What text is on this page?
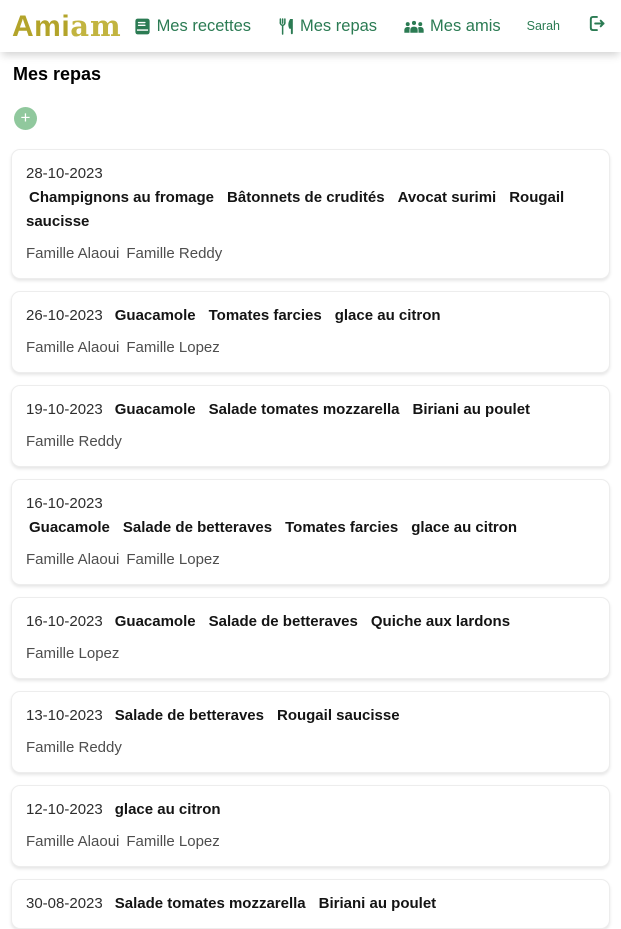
Ami am Mes recettes	Mes repas	Mes amis Sarah
Mes repas
+

28-10-2023Champignons au fromage Bâtonnets de crudités Avocat surimi Rougail saucisse

Famille Alaoui Famille Reddy

26-10-2023 Guacamole Tomates farcies glace au citron

Famille Alaoui Famille Lopez

19-10-2023 Guacamole Salade tomates mozzarella Biriani au poulet

Famille Reddy

16-10-2023Guacamole Salade de betteraves Tomates farcies glace au citron

Famille Alaoui Famille Lopez

16-10-2023 Guacamole Salade de betteraves Quiche aux lardons

Famille Lopez

13-10-2023 Salade de betteraves Rougail saucisse

Famille Reddy

12-10-2023 glace au citron

Famille Alaoui Famille Lopez

30-08-2023 Salade tomates mozzarella Biriani au poulet
